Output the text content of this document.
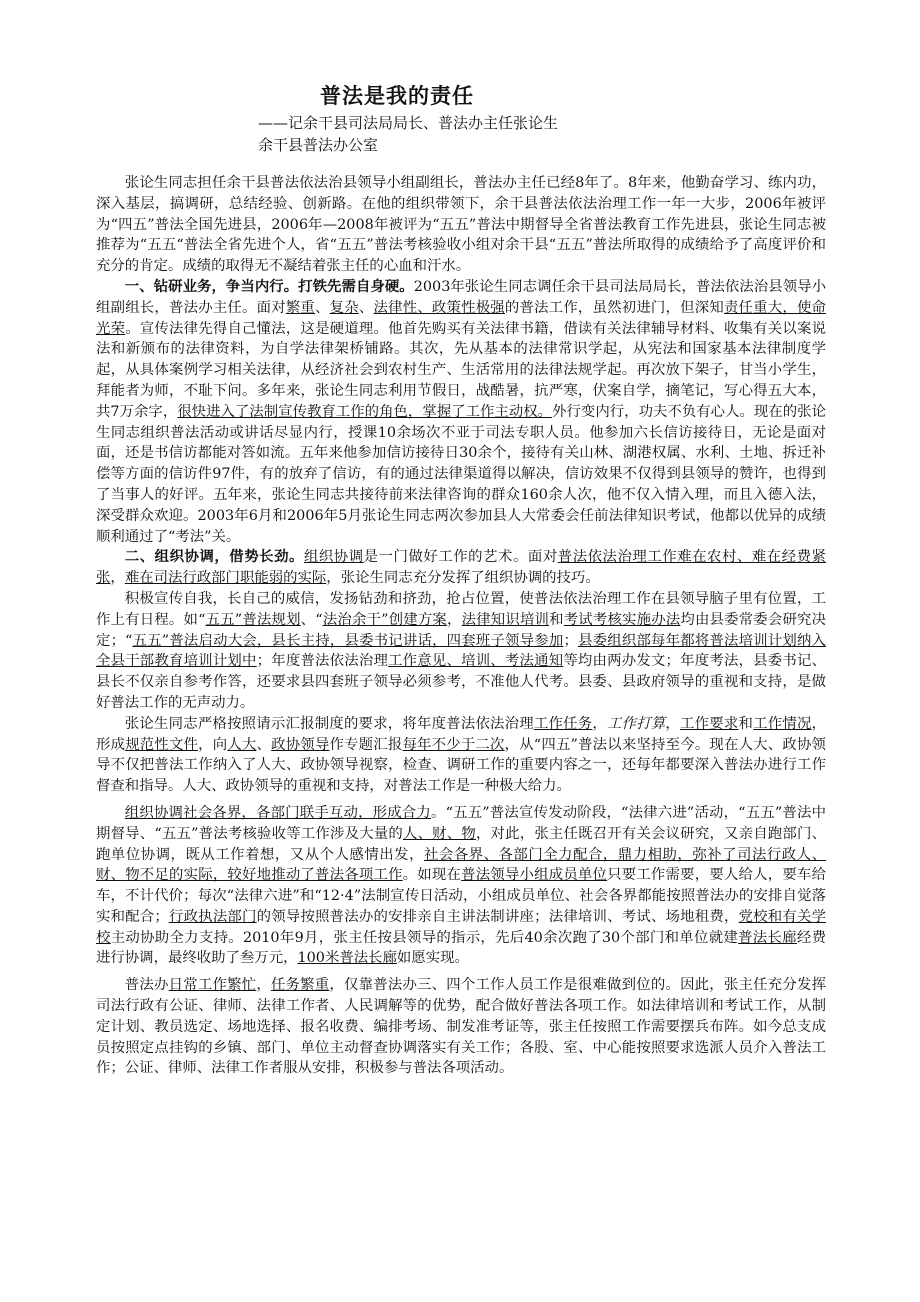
普法是我的责任
——记余干县司法局局长、普法办主任张论生
余干县普法办公室

张论生同志担任余干县普法依法治县领导小组副组长，普法办主任已经8年了。8年来，他勤奋学习、练内功，深入基层，搞调研，总结经验、创新路。在他的组织带领下，余干县普法依法治理工作一年一大步，2006年被评为“四五”普法全国先进县，2006年—2008年被评为“五五”普法中期督导全省普法教育工作先进县，张论生同志被推荐为“五五“普法全省先进个人，省“五五”普法考核验收小组对余干县“五五”普法所取得的成绩给予了高度评价和充分的肯定。成绩的取得无不凝结着张主任的心血和汗水。

一、钻研业务，争当内行。打铁先需自身硬。2003年张论生同志调任余干县司法局局长，普法依法治县领导小组副组长，普法办主任。面对繁重、复杂、法律性、政策性极强的普法工作，虽然初进门，但深知责任重大，使命光荣。宣传法律先得自己懂法，这是硬道理。他首先购买有关法律书籍，借读有关法律辅导材料、收集有关以案说法和新颁布的法律资料，为自学法律架桥铺路。其次，先从基本的法律常识学起，从宪法和国家基本法律制度学起，从具体案例学习相关法律，从经济社会到农村生产、生活常用的法律法规学起。再次放下架子，甘当小学生，拜能者为师，不耻下问。多年来，张论生同志利用节假日，战酷暑，抗严寒，伏案自学，摘笔记，写心得五大本，共7万余字，很快进入了法制宣传教育工作的角色，掌握了工作主动权。外行变内行，功夫不负有心人。现在的张论生同志组织普法活动或讲话尽显内行，授课10余场次不亚于司法专职人员。他参加六长信访接待日，无论是面对面，还是书信访都能对答如流。五年来他参加信访接待日30余个，接待有关山林、湖港权属、水利、土地、拆迁补偿等方面的信访件97件，有的放弃了信访，有的通过法律渠道得以解决，信访效果不仅得到县领导的赞许，也得到了当事人的好评。五年来，张论生同志共接待前来法律咨询的群众160余人次，他不仅入情入理，而且入德入法，深受群众欢迎。2003年6月和2006年5月张论生同志两次参加县人大常委会任前法律知识考试，他都以优异的成绩顺利通过了“考法”关。

二、组织协调，借势长劲。组织协调是一门做好工作的艺术。面对普法依法治理工作难在农村、难在经费紧张，难在司法行政部门职能弱的实际，张论生同志充分发挥了组织协调的技巧。

积极宣传自我，长自己的威信，发扬钻劲和挤劲，抢占位置，使普法依法治理工作在县领导脑子里有位置，工作上有日程。如“五五”普法规划、“法治余干”创建方案，法律知识培训和考试考核实施办法均由县委常委会研究决定；“五五”普法启动大会，县长主持，县委书记讲话，四套班子领导参加；县委组织部每年都将普法培训计划纳入全县干部教育培训计划中；年度普法依法治理工作意见、培训、考法通知等均由两办发文；年度考法，县委书记、县长不仅亲自参考作答，还要求县四套班子领导必须参考，不准他人代考。县委、县政府领导的重视和支持，是做好普法工作的无声动力。

张论生同志严格按照请示汇报制度的要求，将年度普法依法治理工作任务，工作打算，工作要求和工作情况，形成规范性文件，向人大、政协领导作专题汇报每年不少于二次，从“四五”普法以来坚持至今。现在人大、政协领导不仅把普法工作纳入了人大、政协领导视察，检查、调研工作的重要内容之一，还每年都要深入普法办进行工作督查和指导。人大、政协领导的重视和支持，对普法工作是一种极大给力。

组织协调社会各界，各部门联手互动，形成合力。“五五”普法宣传发动阶段，“法律六进”活动，“五五”普法中期督导、“五五”普法考核验收等工作涉及大量的人、财、物，对此，张主任既召开有关会议研究，又亲自跑部门、跑单位协调，既从工作着想，又从个人感情出发，社会各界、各部门全力配合，鼎力相助，弥补了司法行政人、财、物不足的实际，较好地推动了普法各项工作。如现在普法领导小组成员单位只要工作需要，要人给人，要车给车，不计代价；每次“法律六进”和“12·4”法制宣传日活动，小组成员单位、社会各界都能按照普法办的安排自觉落实和配合；行政执法部门的领导按照普法办的安排亲自主讲法制讲座；法律培训、考试、场地租费，党校和有关学校主动协助全力支持。2010年9月，张主任按县领导的指示，先后40余次跑了30个部门和单位就建普法长廊经费进行协调，最终收助了叁万元，100米普法长廊如愿实现。

普法办日常工作繁忙，任务繁重，仅靠普法办三、四个工作人员工作是很难做到位的。因此，张主任充分发挥司法行政有公证、律师、法律工作者、人民调解等的优势，配合做好普法各项工作。如法律培训和考试工作，从制定计划、教员选定、场地选择、报名收费、编排考场、制发准考证等，张主任按照工作需要摆兵布阵。如今总支成员按照定点挂钩的乡镇、部门、单位主动督查协调落实有关工作；各股、室、中心能按照要求选派人员介入普法工作；公证、律师、法律工作者服从安排，积极参与普法各项活动。
